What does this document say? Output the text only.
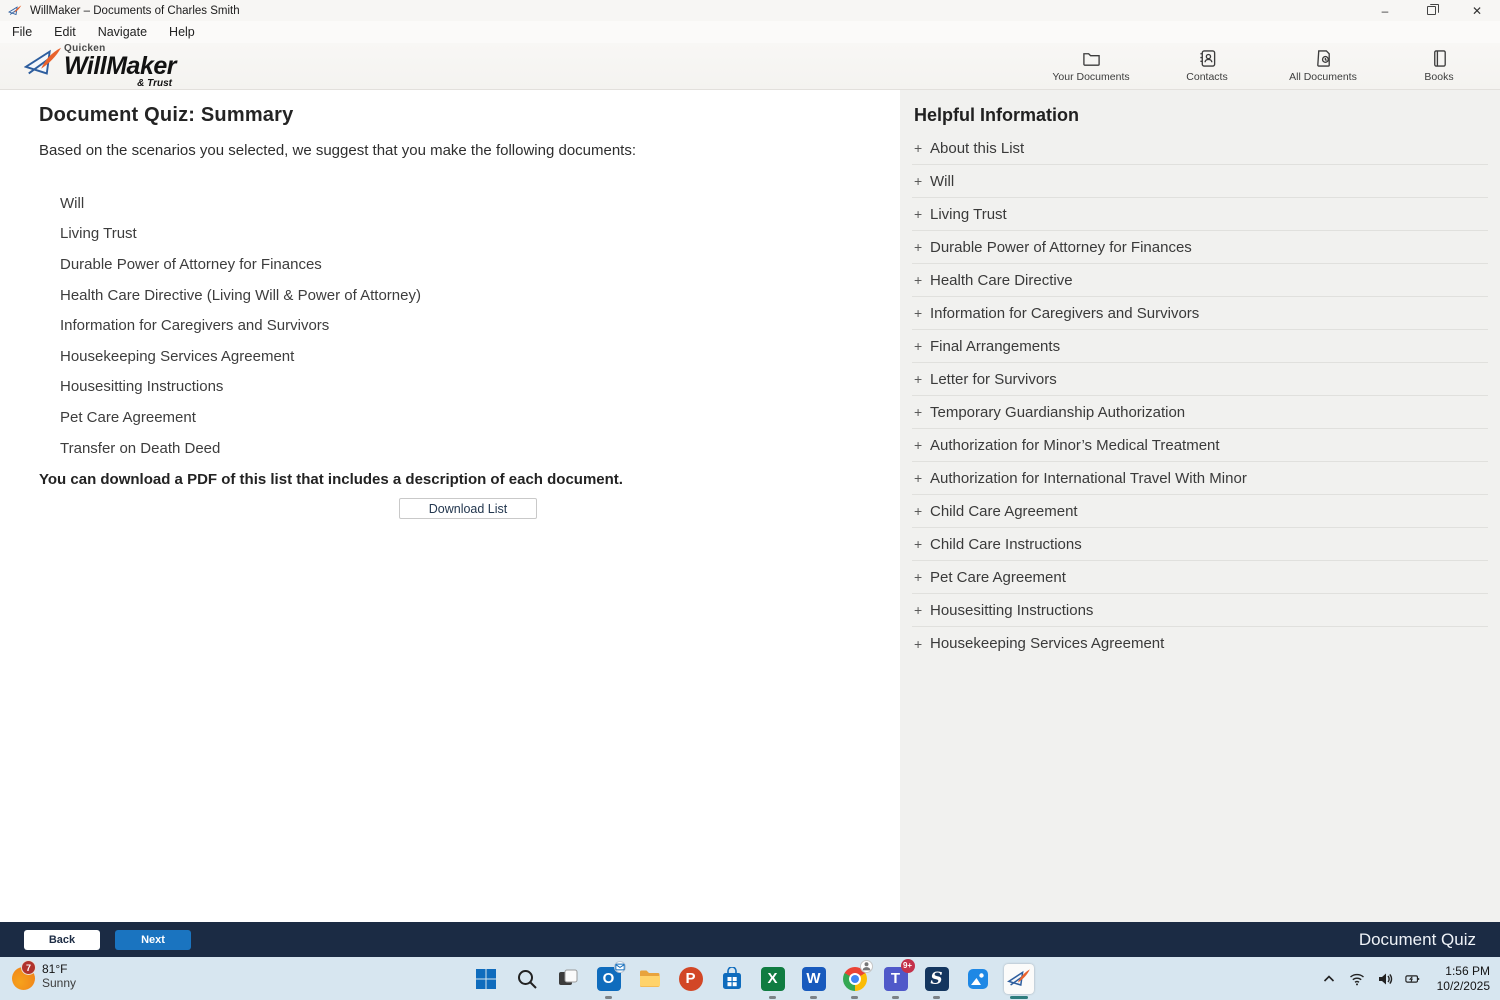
WillMaker – Documents of Charles Smith	–	✕
File Edit Navigate Help
Quicken
WillMaker
& Trust	Your Documents	Contacts	All Documents	Books
Document Quiz: Summary
Based on the scenarios you selected, we suggest that you make the following documents:
Will
Living Trust
Durable Power of Attorney for Finances
Health Care Directive (Living Will & Power of Attorney)
Information for Caregivers and Survivors
Housekeeping Services Agreement
Housesitting Instructions
Pet Care Agreement
Transfer on Death Deed
You can download a PDF of this list that includes a description of each document.
Download List
Helpful Information
+ About this List
+ Will
+ Living Trust
+ Durable Power of Attorney for Finances
+ Health Care Directive
+ Information for Caregivers and Survivors
+ Final Arrangements
+ Letter for Survivors
+ Temporary Guardianship Authorization
+ Authorization for Minor’s Medical Treatment
+ Authorization for International Travel With Minor
+ Child Care Agreement
+ Child Care Instructions
+ Pet Care Agreement
+ Housesitting Instructions
+ Housekeeping Services Agreement
Back	Next	Document Quiz
7 81°F
Sunny	O	P	X	W	T
9+
S	1:56 PM
10/2/2025
